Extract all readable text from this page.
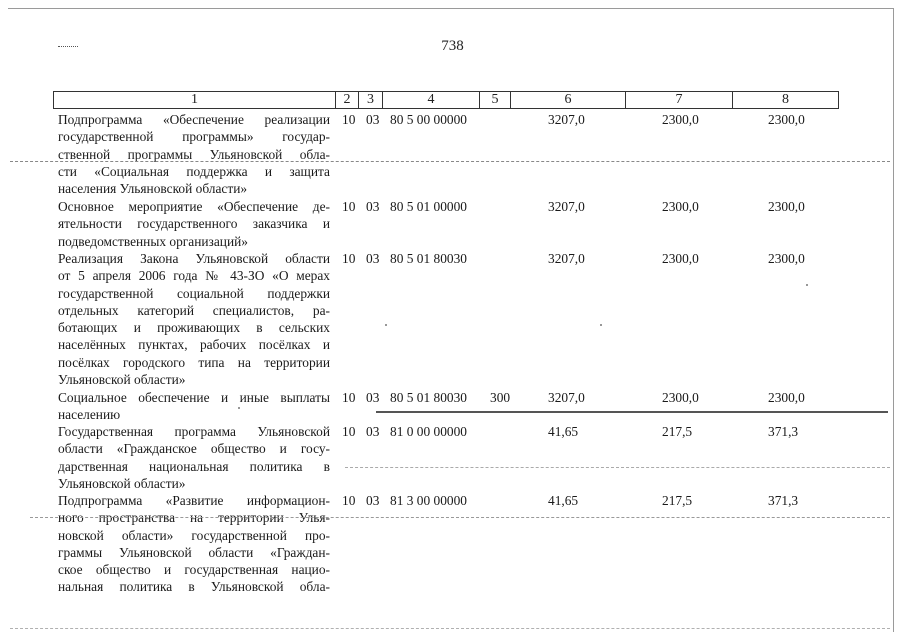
738
1	2	3	4	5	6	7	8
Подпрограмма «Обеспечение реализации
государственной программы» государ-
ственной программы Ульяновской обла-
сти «Социальная поддержка и защита
населения Ульяновской области»
10 03 80 5 00 00000	3207,0	2300,0	2300,0
Основное мероприятие «Обеспечение де-
ятельности государственного заказчика и
подведомственных организаций»
10 03 80 5 01 00000	3207,0	2300,0	2300,0
Реализация Закона Ульяновской области
от 5 апреля 2006 года № 43-ЗО «О мерах
государственной социальной поддержки
отдельных категорий специалистов, ра-
ботающих и проживающих в сельских
населённых пунктах, рабочих посёлках и
посёлках городского типа на территории
Ульяновской области»
10 03 80 5 01 80030	3207,0	2300,0	2300,0
Социальное обеспечение и иные выплаты
населению
10 03 80 5 01 80030 300	3207,0	2300,0	2300,0
Государственная программа Ульяновской
области «Гражданское общество и госу-
дарственная национальная политика в
Ульяновской области»
10 03 81 0 00 00000	41,65	217,5	371,3
Подпрограмма «Развитие информацион-
ного пространства на территории Улья-
новской области» государственной про-
граммы Ульяновской области «Граждан-
ское общество и государственная нацио-
нальная политика в Ульяновской обла-
10 03 81 3 00 00000	41,65	217,5	371,3
